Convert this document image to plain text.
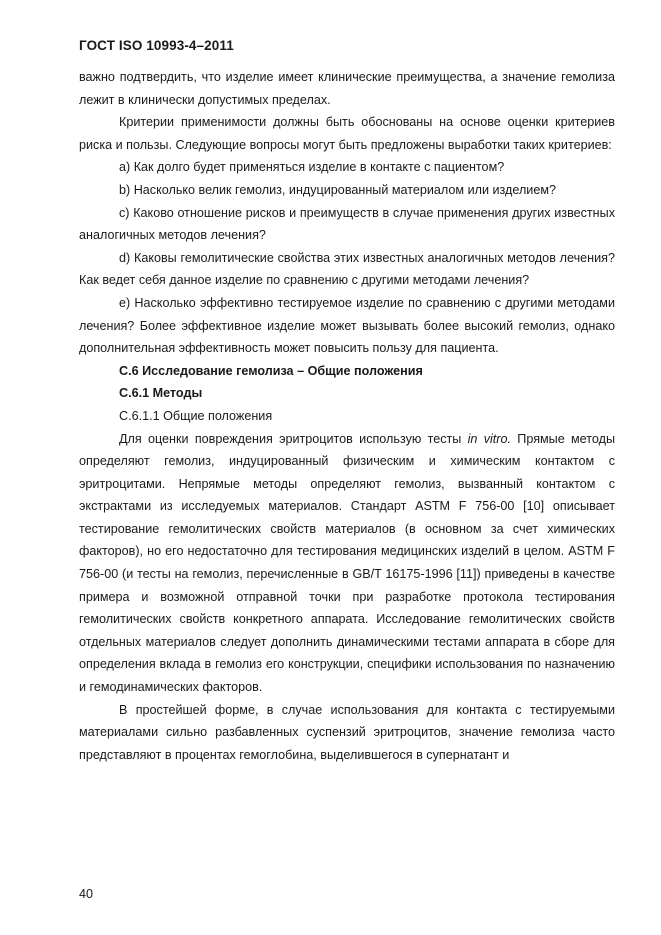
ГОСТ ISO 10993-4–2011

важно подтвердить, что изделие имеет клинические преимущества, а значение гемолиза лежит в клинически допустимых пределах.

Критерии применимости должны быть обоснованы на основе оценки критериев риска и пользы. Следующие вопросы могут быть предложены выработки таких критериев:

а) Как долго будет применяться изделие в контакте с пациентом?

b) Насколько велик гемолиз, индуцированный материалом или изделием?

с) Каково отношение рисков и преимуществ в случае применения других известных аналогичных методов лечения?

d) Каковы гемолитические свойства этих известных аналогичных методов лечения? Как ведет себя данное изделие по сравнению с другими методами лечения?

е) Насколько эффективно тестируемое изделие по сравнению с другими методами лечения? Более эффективное изделие может вызывать более высокий гемолиз, однако дополнительная эффективность может повысить пользу для пациента.

С.6 Исследование гемолиза – Общие положения

С.6.1 Методы

С.6.1.1 Общие положения

Для оценки повреждения эритроцитов использую тесты in vitro. Прямые методы определяют гемолиз, индуцированный физическим и химическим контактом с эритроцитами. Непрямые методы определяют гемолиз, вызванный контактом с экстрактами из исследуемых материалов. Стандарт ASTM F 756-00 [10] описывает тестирование гемолитических свойств материалов (в основном за счет химических факторов), но его недостаточно для тестирования медицинских изделий в целом. ASTM F 756-00 (и тесты на гемолиз, перечисленные в GB/T 16175-1996 [11]) приведены в качестве примера и возможной отправной точки при разработке протокола тестирования гемолитических свойств конкретного аппарата. Исследование гемолитических свойств отдельных материалов следует дополнить динамическими тестами аппарата в сборе для определения вклада в гемолиз его конструкции, специфики использования по назначению и гемодинамических факторов.

В простейшей форме, в случае использования для контакта с тестируемыми материалами сильно разбавленных суспензий эритроцитов, значение гемолиза часто представляют в процентах гемоглобина, выделившегося в супернатант и

40
